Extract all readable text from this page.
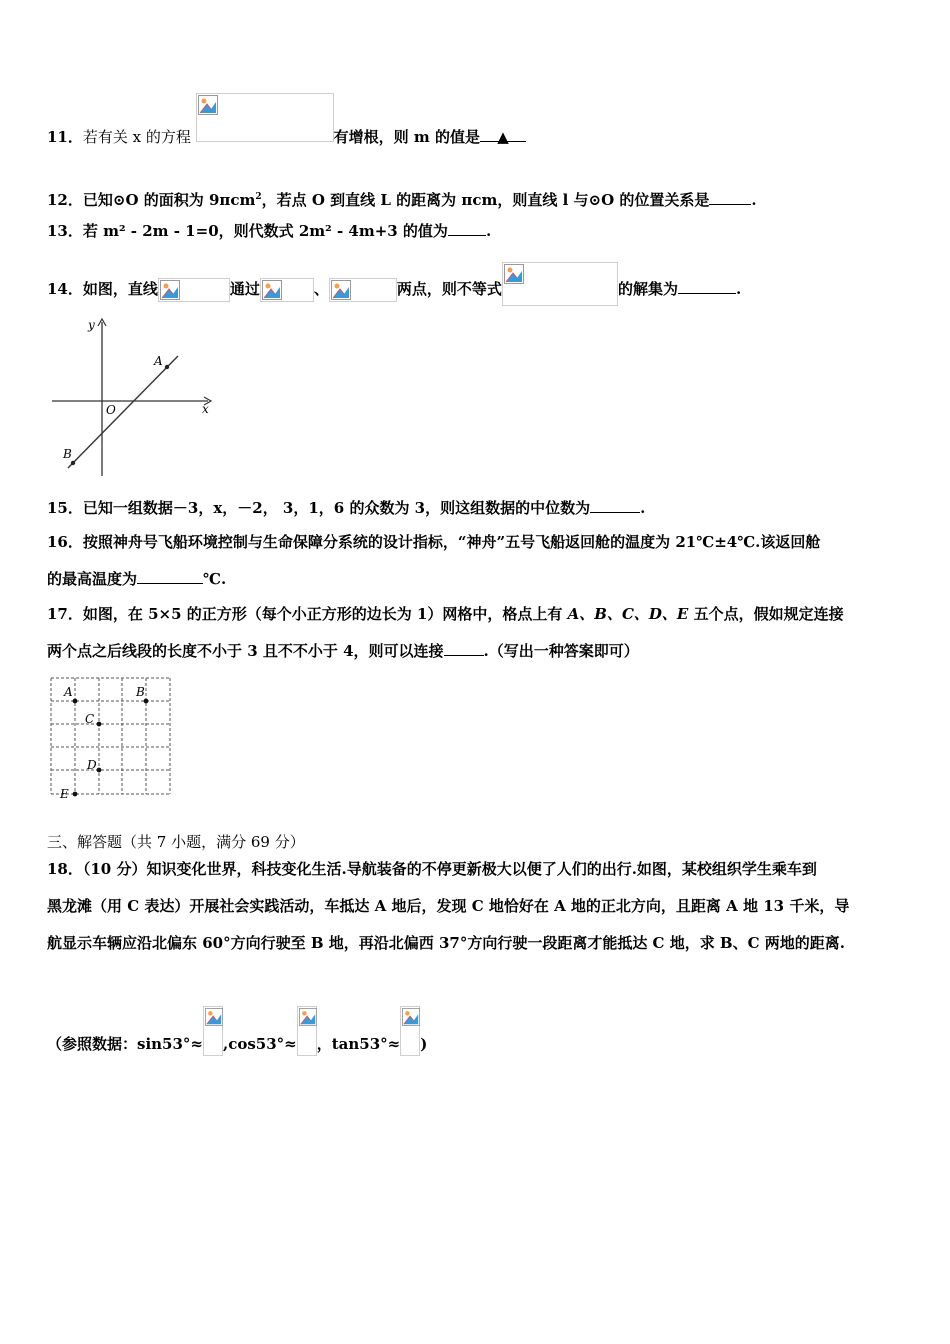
11．若有关 x 的方程	有增根，则 m 的值是 ▲
12．已知⊙O 的面积为 9πcm$^2$，若点 O 到直线 L 的距离为 πcm，则直线 l 与⊙O 的位置关系是	.
13．若 m² - 2m - 1=0，则代数式 2m² - 4m+3 的值为	.
14．如图，直线	通过	、	两点，则不等式	的解集为	.
y
x
O
A
B
15．已知一组数据－3，x，－2， 3，1，6 的众数为 3，则这组数据的中位数为	.
16．按照神舟号飞船环境控制与生命保障分系统的设计指标，“神舟”五号飞船返回舱的温度为 21℃±4℃.该返回舱
的最高温度为	℃.
17．如图，在 5×5 的正方形（每个小正方形的边长为 1）网格中，格点上有 A、B、C、D、E 五个点，假如规定连接
两个点之后线段的长度不小于 3 且不不小于 4，则可以连接	.（写出一种答案即可）
A	B
C
D
E
三、解答题（共 7 小题，满分 69 分）
18．（10 分）知识变化世界，科技变化生活.导航装备的不停更新极大以便了人们的出行.如图，某校组织学生乘车到
黑龙滩（用 C 表达）开展社会实践活动，车抵达 A 地后，发现 C 地恰好在 A 地的正北方向，且距离 A 地 13 千米，导
航显示车辆应沿北偏东 60°方向行驶至 B 地，再沿北偏西 37°方向行驶一段距离才能抵达 C 地，求 B、C 两地的距离.
（参照数据：sin53°≈ ,cos53°≈ ，tan53°≈ )
